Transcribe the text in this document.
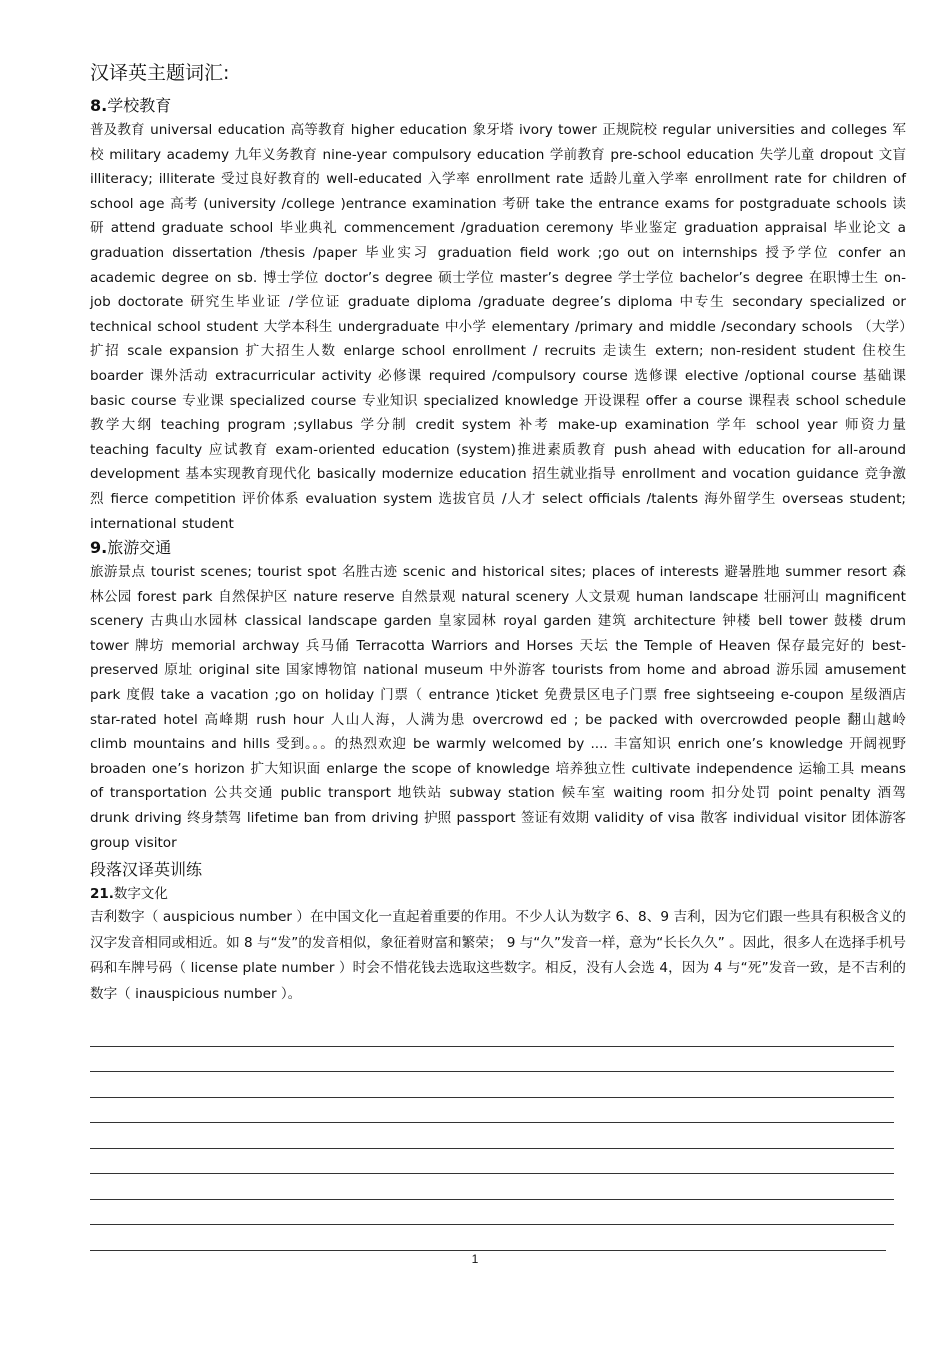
汉译英主题词汇:
8.学校教育

普及教育 universal education 高等教育 higher education 象牙塔 ivory tower 正规院校 regular universities and colleges 军校 military academy 九年义务教育 nine-year compulsory education 学前教育 pre-school education 失学儿童 dropout 文盲 illiteracy; illiterate 受过良好教育的 well-educated 入学率 enrollment rate 适龄儿童入学率 enrollment rate for children of school age 高考 (university /college )entrance examination 考研 take the entrance exams for postgraduate schools 读研 attend graduate school 毕业典礼 commencement /graduation ceremony 毕业鉴定 graduation appraisal 毕业论文 a graduation dissertation /thesis /paper 毕业实习 graduation field work ;go out on internships 授予学位 confer an academic degree on sb. 博士学位 doctor’s degree 硕士学位 master’s degree 学士学位 bachelor’s degree 在职博士生 on-job doctorate 研究生毕业证 /学位证 graduate diploma /graduate degree’s diploma 中专生 secondary specialized or technical school student 大学本科生 undergraduate 中小学 elementary /primary and middle /secondary schools （大学）扩招 scale expansion 扩大招生人数 enlarge school enrollment / recruits 走读生 extern; non-resident student 住校生 boarder 课外活动 extracurricular activity 必修课 required /compulsory course 选修课 elective /optional course 基础课 basic course 专业课 specialized course 专业知识 specialized knowledge 开设课程 offer a course 课程表 school schedule 教学大纲 teaching program ;syllabus 学分制 credit system 补考 make-up examination 学年 school year 师资力量 teaching faculty 应试教育 exam-oriented education (system)推进素质教育 push ahead with education for all-around development 基本实现教育现代化 basically modernize education 招生就业指导 enrollment and vocation guidance 竞争激烈 fierce competition 评价体系 evaluation system 选拔官员 /人才 select officials /talents 海外留学生 overseas student; international student

9.旅游交通

旅游景点 tourist scenes; tourist spot 名胜古迹 scenic and historical sites; places of interests 避暑胜地 summer resort 森林公园 forest park 自然保护区 nature reserve 自然景观 natural scenery 人文景观 human landscape 壮丽河山 magnificent scenery 古典山水园林 classical landscape garden 皇家园林 royal garden 建筑 architecture 钟楼 bell tower 鼓楼 drum tower 牌坊 memorial archway 兵马俑 Terracotta Warriors and Horses 天坛 the Temple of Heaven 保存最完好的 best-preserved 原址 original site 国家博物馆 national museum 中外游客 tourists from home and abroad 游乐园 amusement park 度假 take a vacation ;go on holiday 门票（ entrance )ticket 免费景区电子门票 free sightseeing e-coupon 星级酒店 star-rated hotel 高峰期 rush hour 人山人海，人满为患 overcrowd ed ; be packed with overcrowded people 翻山越岭 climb mountains and hills 受到。。。的热烈欢迎 be warmly welcomed by .... 丰富知识 enrich one’s knowledge 开阔视野 broaden one’s horizon 扩大知识面 enlarge the scope of knowledge 培养独立性 cultivate independence 运输工具 means of transportation 公共交通 public transport 地铁站 subway station 候车室 waiting room 扣分处罚 point penalty 酒驾 drunk driving 终身禁驾 lifetime ban from driving 护照 passport 签证有效期 validity of visa 散客 individual visitor 团体游客 group visitor

段落汉译英训练
21.数字文化

吉利数字（ auspicious number ）在中国文化一直起着重要的作用。不少人认为数字 6、8、9 吉利，因为它们跟一些具有积极含义的汉字发音相同或相近。如 8 与“发”的发音相似，象征着财富和繁荣； 9 与“久”发音一样，意为“长长久久” 。因此，很多人在选择手机号码和车牌号码（ license plate number ）时会不惜花钱去选取这些数字。相反，没有人会选 4，因为 4 与“死”发音一致，是不吉利的数字（ inauspicious number ）。

1
